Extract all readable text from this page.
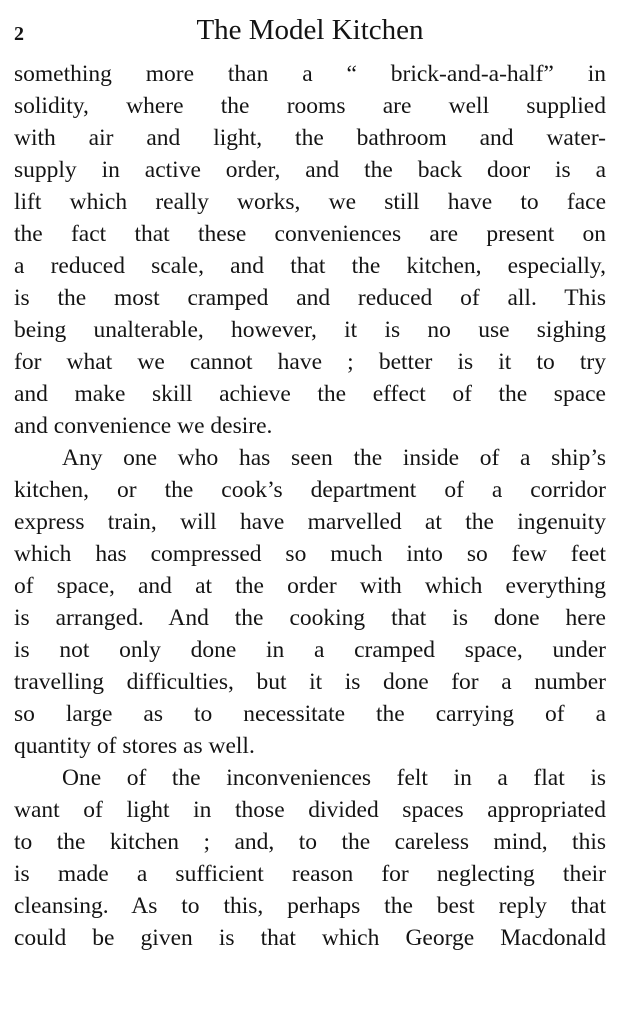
2	The Model Kitchen
something more than a “ brick-and-a-half” in
solidity, where the rooms are well supplied
with air and light, the bathroom and water-
supply in active order, and the back door is a
lift which really works, we still have to face
the fact that these conveniences are present on
a reduced scale, and that the kitchen, especially,
is the most cramped and reduced of all. This
being unalterable, however, it is no use sighing
for what we cannot have ; better is it to try
and make skill achieve the effect of the space
and convenience we desire.
Any one who has seen the inside of a ship’s
kitchen, or the cook’s department of a corridor
express train, will have marvelled at the ingenuity
which has compressed so much into so few feet
of space, and at the order with which everything
is arranged. And the cooking that is done here
is not only done in a cramped space, under
travelling difficulties, but it is done for a number
so large as to necessitate the carrying of a
quantity of stores as well.
One of the inconveniences felt in a flat is
want of light in those divided spaces appropriated
to the kitchen ; and, to the careless mind, this
is made a sufficient reason for neglecting their
cleansing. As to this, perhaps the best reply that
could be given is that which George Macdonald
